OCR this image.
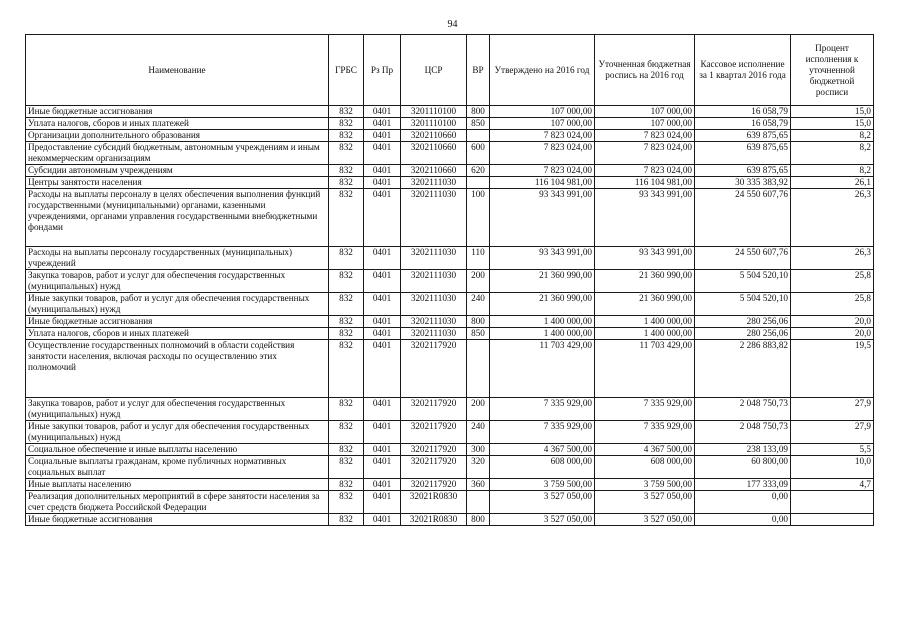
94
Наименование	ГРБС	Рз Пр	ЦСР	ВР	Утверждено на 2016 год	Уточненная бюджетная роспись на 2016 год	Кассовое исполнение за 1 квартал 2016 года	Процент исполнения к уточненной бюджетной росписи
Иные бюджетные ассигнования	832	0401	3201110100	800	107 000,00	107 000,00	16 058,79	15,0
Уплата налогов, сборов и иных платежей	832	0401	3201110100	850	107 000,00	107 000,00	16 058,79	15,0
Организации дополнительного образования	832	0401	3202110660		7 823 024,00	7 823 024,00	639 875,65	8,2
Предоставление субсидий бюджетным, автономным учреждениям и иным некоммерческим организациям	832	0401	3202110660	600	7 823 024,00	7 823 024,00	639 875,65	8,2
Субсидии автономным учреждениям	832	0401	3202110660	620	7 823 024,00	7 823 024,00	639 875,65	8,2
Центры занятости населения	832	0401	3202111030		116 104 981,00	116 104 981,00	30 335 383,92	26,1
Расходы на выплаты персоналу в целях обеспечения выполнения функций государственными (муниципальными) органами, казенными учреждениями, органами управления государственными внебюджетными фондами	832	0401	3202111030	100	93 343 991,00	93 343 991,00	24 550 607,76	26,3
Расходы на выплаты персоналу государственных (муниципальных) учреждений	832	0401	3202111030	110	93 343 991,00	93 343 991,00	24 550 607,76	26,3
Закупка товаров, работ и услуг для обеспечения государственных (муниципальных) нужд	832	0401	3202111030	200	21 360 990,00	21 360 990,00	5 504 520,10	25,8
Иные закупки товаров, работ и услуг для обеспечения государственных (муниципальных) нужд	832	0401	3202111030	240	21 360 990,00	21 360 990,00	5 504 520,10	25,8
Иные бюджетные ассигнования	832	0401	3202111030	800	1 400 000,00	1 400 000,00	280 256,06	20,0
Уплата налогов, сборов и иных платежей	832	0401	3202111030	850	1 400 000,00	1 400 000,00	280 256,06	20,0
Осуществление государственных полномочий в области содействия занятости населения, включая расходы по осуществлению этих полномочий	832	0401	3202117920		11 703 429,00	11 703 429,00	2 286 883,82	19,5
Закупка товаров, работ и услуг для обеспечения государственных (муниципальных) нужд	832	0401	3202117920	200	7 335 929,00	7 335 929,00	2 048 750,73	27,9
Иные закупки товаров, работ и услуг для обеспечения государственных (муниципальных) нужд	832	0401	3202117920	240	7 335 929,00	7 335 929,00	2 048 750,73	27,9
Социальное обеспечение и иные выплаты населению	832	0401	3202117920	300	4 367 500,00	4 367 500,00	238 133,09	5,5
Социальные выплаты гражданам, кроме публичных нормативных социальных выплат	832	0401	3202117920	320	608 000,00	608 000,00	60 800,00	10,0
Иные выплаты населению	832	0401	3202117920	360	3 759 500,00	3 759 500,00	177 333,09	4,7
Реализация дополнительных мероприятий в сфере занятости населения за счет средств бюджета Российской Федерации	832	0401	32021R0830		3 527 050,00	3 527 050,00	0,00	
Иные бюджетные ассигнования	832	0401	32021R0830	800	3 527 050,00	3 527 050,00	0,00	
